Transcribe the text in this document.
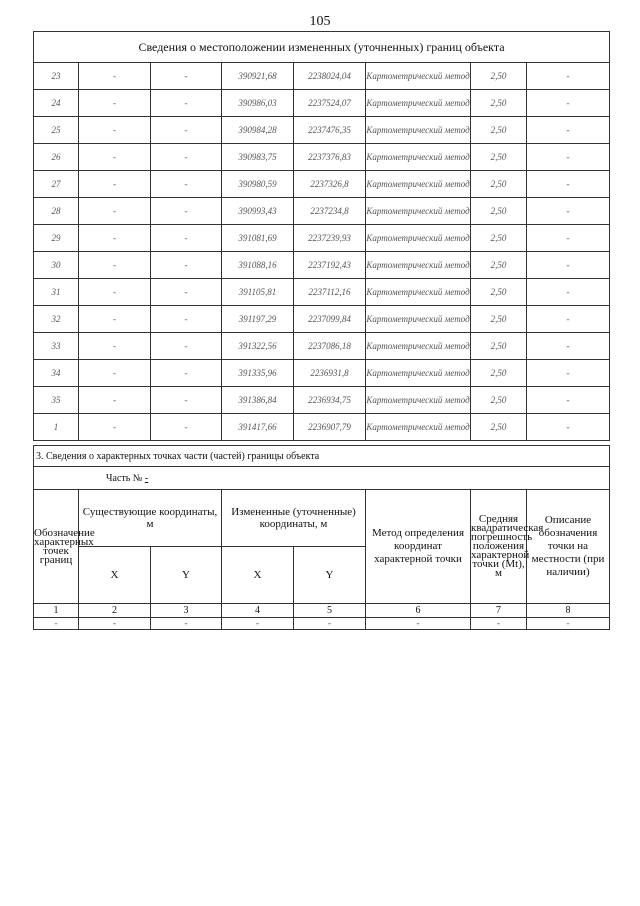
105
Сведения о местоположении измененных (уточненных) границ объекта							
23	-	-	390921,68	2238024,04	Картометрический метод	2,50	-
24	-	-	390986,03	2237524,07	Картометрический метод	2,50	-
25	-	-	390984,28	2237476,35	Картометрический метод	2,50	-
26	-	-	390983,75	2237376,83	Картометрический метод	2,50	-
27	-	-	390980,59	2237326,8	Картометрический метод	2,50	-
28	-	-	390993,43	2237234,8	Картометрический метод	2,50	-
29	-	-	391081,69	2237239,93	Картометрический метод	2,50	-
30	-	-	391088,16	2237192,43	Картометрический метод	2,50	-
31	-	-	391105,81	2237112,16	Картометрический метод	2,50	-
32	-	-	391197,29	2237099,84	Картометрический метод	2,50	-
33	-	-	391322,56	2237086,18	Картометрический метод	2,50	-
34	-	-	391335,96	2236931,8	Картометрический метод	2,50	-
35	-	-	391386,84	2236934,75	Картометрический метод	2,50	-
1	-	-	391417,66	2236907,79	Картометрический метод	2,50	-
3. Сведения о характерных точках части (частей) границы объекта							
Часть № -							
Обозначение характерных точек границ	Существующие координаты, м		Измененные (уточненные) координаты, м		Метод определения координат характерной точки	Средняя квадратическая погрешность положения характерной точки (Mt), м	Описание обозначения точки на местности (при наличии)
	X	Y	X	Y			
1	2	3	4	5	6	7	8
-	-	-	-	-	-	-	-
